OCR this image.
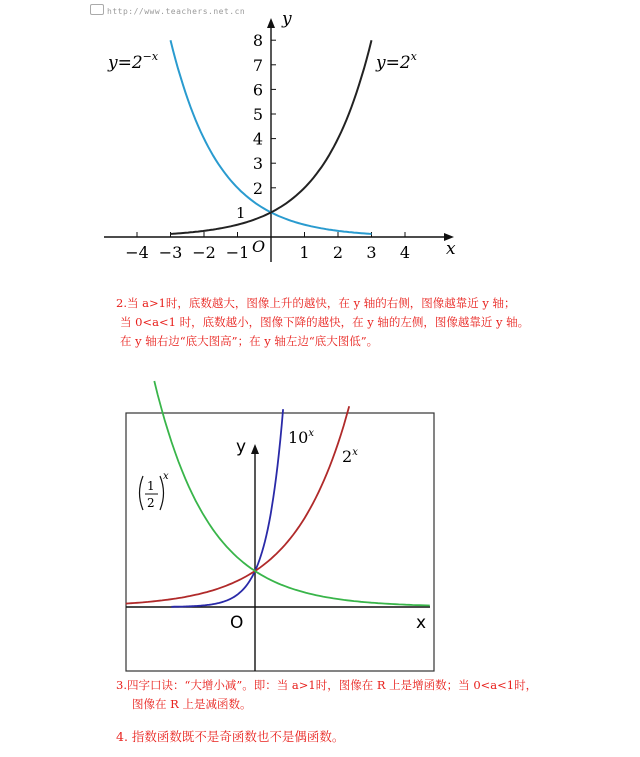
http://www.teachers.net.cn
−4 −3 −2 −1	1 2 3 4
2
3
4
5
6
7
8
y
x
O
1
$y=2^{-x}$	$y=2^x$
y
x
O
10$^x$
2$^x$
1
2
x
2.当 a>1时，底数越大，图像上升的越快，在 y 轴的右侧，图像越靠近 y 轴；
当 0<a<1 时，底数越小，图像下降的越快，在 y 轴的左侧，图像越靠近 y 轴。
在 y 轴右边“底大图高”；在 y 轴左边“底大图低”。
3.四字口诀：“大增小减”。即：当 a>1时，图像在 R 上是增函数；当 0<a<1时，
图像在 R 上是减函数。
4. 指数函数既不是奇函数也不是偶函数。
